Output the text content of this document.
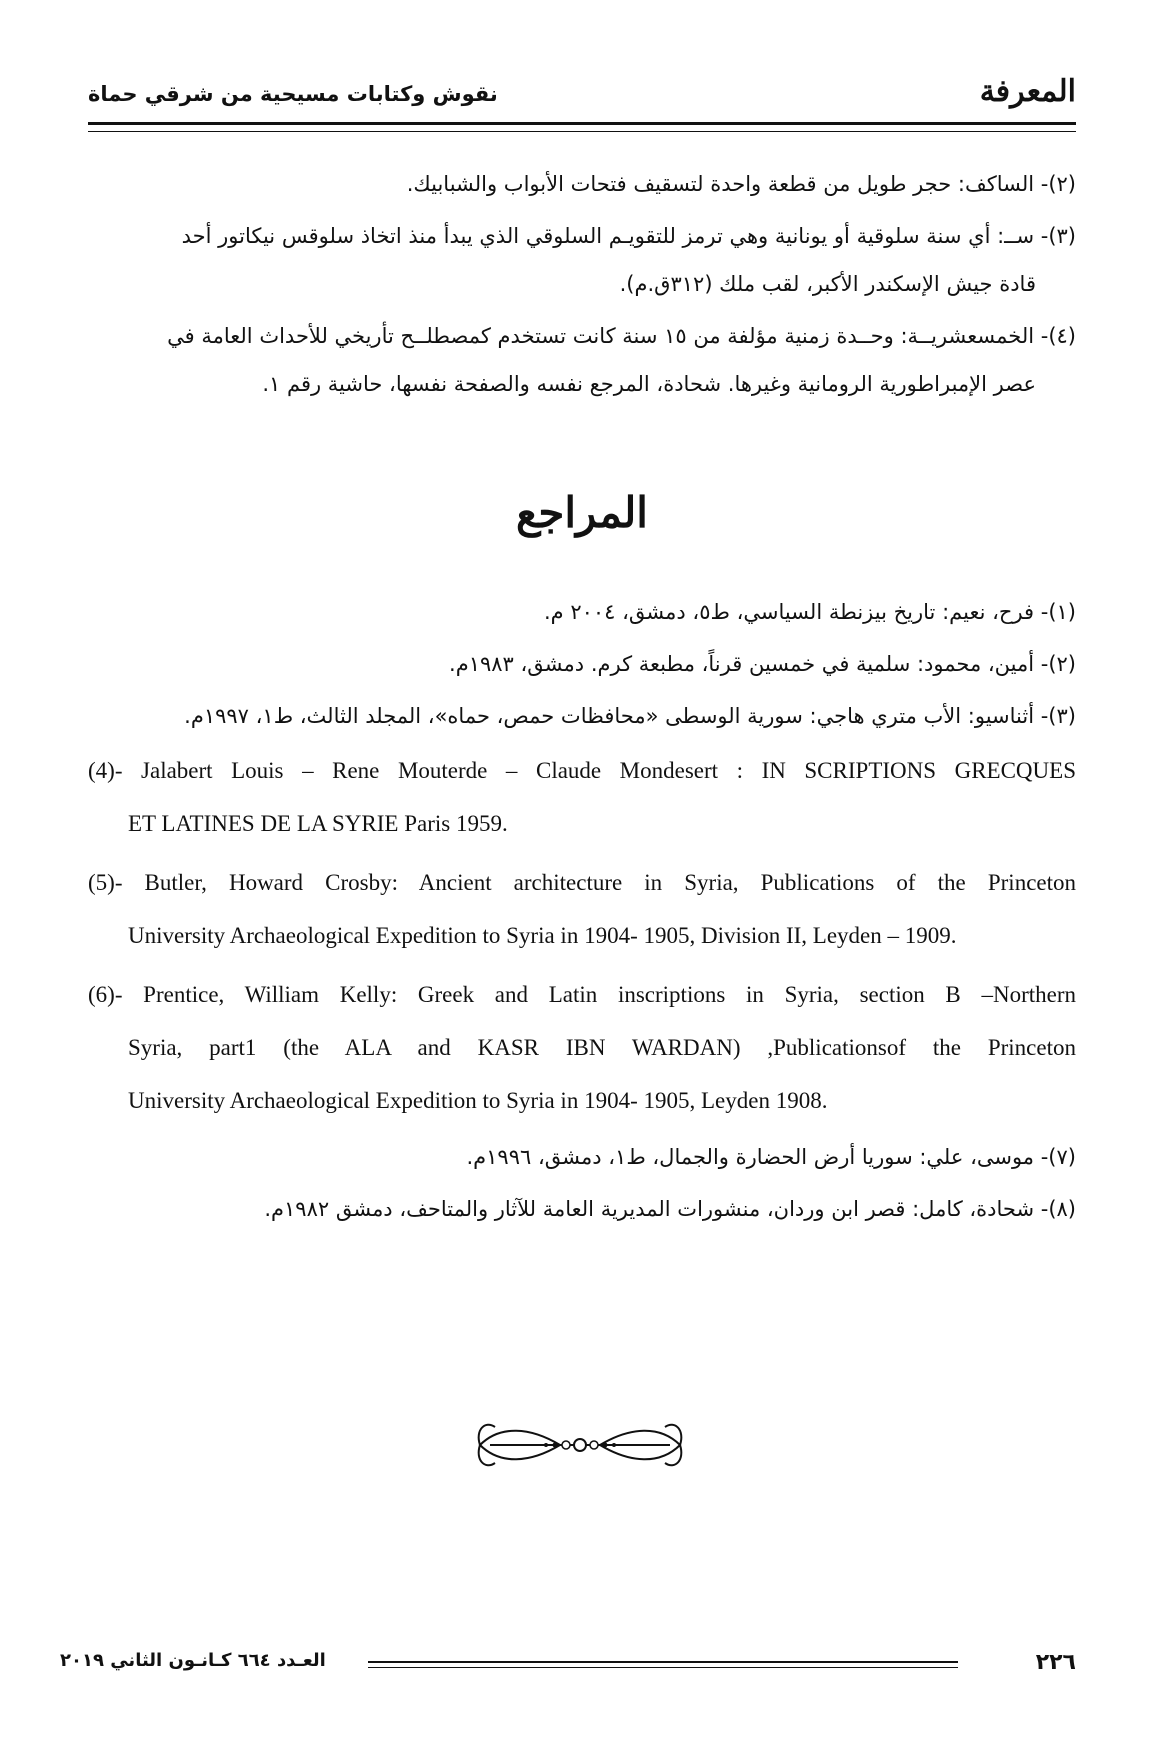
المعرفة
نقوش وكتابات مسيحية من شرقي حماة

(٢)- الساكف: حجر طويل من قطعة واحدة لتسقيف فتحات الأبواب والشبابيك.

(٣)- ســ: أي سنة سلوقية أو يونانية وهي ترمز للتقويـم السلوقي الذي يبدأ منذ اتخاذ سلوقس نيكاتور أحد
قادة جيش الإسكندر الأكبر، لقب ملك (٣١٢ق.م).

(٤)- الخمسعشريــة: وحــدة زمنية مؤلفة من ١٥ سنة كانت تستخدم كمصطلــح تأريخي للأحداث العامة في
عصر الإمبراطورية الرومانية وغيرها. شحادة، المرجع نفسه والصفحة نفسها، حاشية رقم ١.

المراجع

(١)- فرح، نعيم: تاريخ بيزنطة السياسي، ط٥، دمشق، ٢٠٠٤ م.

(٢)- أمين، محمود: سلمية في خمسين قرناً، مطبعة كرم. دمشق، ١٩٨٣م.

(٣)- أثناسيو: الأب متري هاجي: سورية الوسطى «محافظات حمص، حماه»، المجلد الثالث، ط١، ١٩٩٧م.

(4)- Jalabert Louis – Rene Mouterde – Claude Mondesert : IN SCRIPTIONS GRECQUES
ET LATINES DE LA SYRIE Paris 1959.

(5)- Butler, Howard Crosby: Ancient architecture in Syria, Publications of the Princeton
University Archaeological Expedition to Syria in 1904- 1905, Division II, Leyden – 1909.

(6)- Prentice, William Kelly: Greek and Latin inscriptions in Syria, section B –Northern
Syria, part1 (the ALA and KASR IBN WARDAN) ,Publicationsof the Princeton
University Archaeological Expedition to Syria in 1904- 1905, Leyden 1908.

(٧)- موسى، علي: سوريا أرض الحضارة والجمال، ط١، دمشق، ١٩٩٦م.

(٨)- شحادة، كامل: قصر ابن وردان، منشورات المديرية العامة للآثار والمتاحف، دمشق ١٩٨٢م.

٢٢٦
العـدد ٦٦٤ كـانـون الثاني ٢٠١٩
